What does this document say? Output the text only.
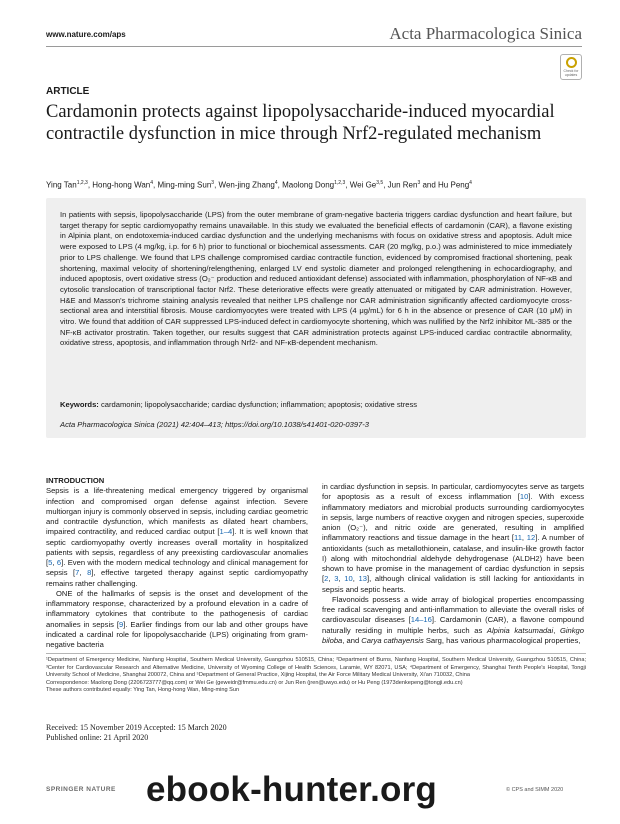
www.nature.com/aps	Acta Pharmacologica Sinica
Check for updates
ARTICLE
Cardamonin protects against lipopolysaccharide-induced myocardial contractile dysfunction in mice through Nrf2-regulated mechanism
Ying Tan$^{1,2,3}$, Hong-hong Wan$^4$, Ming-ming Sun$^3$, Wen-jing Zhang$^4$, Maolong Dong$^{1,2,3}$, Wei Ge$^{3,5}$, Jun Ren$^3$ and Hu Peng$^4$

In patients with sepsis, lipopolysaccharide (LPS) from the outer membrane of gram-negative bacteria triggers cardiac dysfunction and heart failure, but target therapy for septic cardiomyopathy remains unavailable. In this study we evaluated the beneficial effects of cardamonin (CAR), a flavone existing in Alpinia plant, on endotoxemia-induced cardiac dysfunction and the underlying mechanisms with focus on oxidative stress and apoptosis. Adult mice were exposed to LPS (4 mg/kg, i.p. for 6 h) prior to functional or biochemical assessments. CAR (20 mg/kg, p.o.) was administered to mice immediately prior to LPS challenge. We found that LPS challenge compromised cardiac contractile function, evidenced by compromised fractional shortening, peak shortening, maximal velocity of shortening/relengthening, enlarged LV end systolic diameter and prolonged relengthening in echocardiography, and induced apoptosis, overt oxidative stress (O₂⁻ production and reduced antioxidant defense) associated with inflammation, phosphorylation of NF-κB and cytosolic translocation of transcriptional factor Nrf2. These deteriorative effects were greatly attenuated or mitigated by CAR administration. However, H&E and Masson's trichrome staining analysis revealed that neither LPS challenge nor CAR administration significantly affected cardiomyocyte cross-sectional area and interstitial fibrosis. Mouse cardiomyocytes were treated with LPS (4 μg/mL) for 6 h in the absence or presence of CAR (10 μM) in vitro. We found that addition of CAR suppressed LPS-induced defect in cardiomyocyte shortening, which was nullified by the Nrf2 inhibitor ML-385 or the NF-κB activator prostratin. Taken together, our results suggest that CAR administration protects against LPS-induced cardiac contractile abnormality, oxidative stress, apoptosis, and inflammation through Nrf2- and NF-κB-dependent mechanism.

Keywords: cardamonin; lipopolysaccharide; cardiac dysfunction; inflammation; apoptosis; oxidative stress
Acta Pharmacologica Sinica (2021) 42:404–413; https://doi.org/10.1038/s41401-020-0397-3

INTRODUCTION

Sepsis is a life-threatening medical emergency triggered by organismal infection and compromised organ defense against infection. Severe multiorgan injury is commonly observed in sepsis, including cardiac geometric and contractile dysfunction, which manifests as dilated heart chambers, impaired contractility, and reduced cardiac output [1–4]. It is well known that septic cardiomyopathy overtly increases overall mortality in hospitalized patients with sepsis, regardless of any preexisting cardiovascular anomalies [5, 6]. Even with the modern medical technology and clinical management for sepsis [7, 8], effective targeted therapy against septic cardiomyopathy remains rather challenging.

ONE of the hallmarks of sepsis is the onset and development of the inflammatory response, characterized by a profound elevation in a cadre of inflammatory cytokines that contribute to the pathogenesis of cardiac anomalies in sepsis [9]. Earlier findings from our lab and other groups have indicated a cardinal role for lipopolysaccharide (LPS) originating from gram-negative bacteria

in cardiac dysfunction in sepsis. In particular, cardiomyocytes serve as targets for apoptosis as a result of excess inflammation [10]. With excess inflammatory mediators and microbial products surrounding cardiomyocytes in sepsis, large numbers of reactive oxygen and nitrogen species, superoxide anion (O₂⁻), and nitric oxide are generated, resulting in amplified inflammatory reactions and tissue damage in the heart [11, 12]. A number of antioxidants (such as metallothionein, catalase, and insulin-like growth factor I) along with mitochondrial aldehyde dehydrogenase (ALDH2) have been shown to have promise in the management of cardiac dysfunction in sepsis [2, 3, 10, 13], although clinical validation is still lacking for antioxidants in sepsis and septic hearts.

Flavonoids possess a wide array of biological properties encompassing free radical scavenging and anti-inflammation to alleviate the overall risks of cardiovascular diseases [14–16]. Cardamonin (CAR), a flavone compound naturally residing in multiple herbs, such as Alpinia katsumadai, Ginkgo biloba, and Carya cathayensis Sarg, has various pharmacological properties,

¹Department of Emergency Medicine, Nanfang Hospital, Southern Medical University, Guangzhou 510515, China; ²Department of Burns, Nanfang Hospital, Southern Medical University, Guangzhou 510515, China; ³Center for Cardiovascular Research and Alternative Medicine, University of Wyoming College of Health Sciences, Laramie, WY 82071, USA; ⁴Department of Emergency, Shanghai Tenth People's Hospital, Tongji University School of Medicine, Shanghai 200072, China and ⁵Department of General Practice, Xijing Hospital, the Air Force Military Medical University, Xi'an 710032, China
Correspondence: Maolong Dong (2206723777@qq.com) or Wei Ge (geweidr@fmmu.edu.cn) or Jun Ren (jren@uwyo.edu) or Hu Peng (1973denkepeng@tongji.edu.cn)
These authors contributed equally: Ying Tan, Hong-hong Wan, Ming-ming Sun
Received: 15 November 2019 Accepted: 15 March 2020
Published online: 21 April 2020
SPRINGER NATURE ebook-hunter.org	© CPS and SIMM 2020
